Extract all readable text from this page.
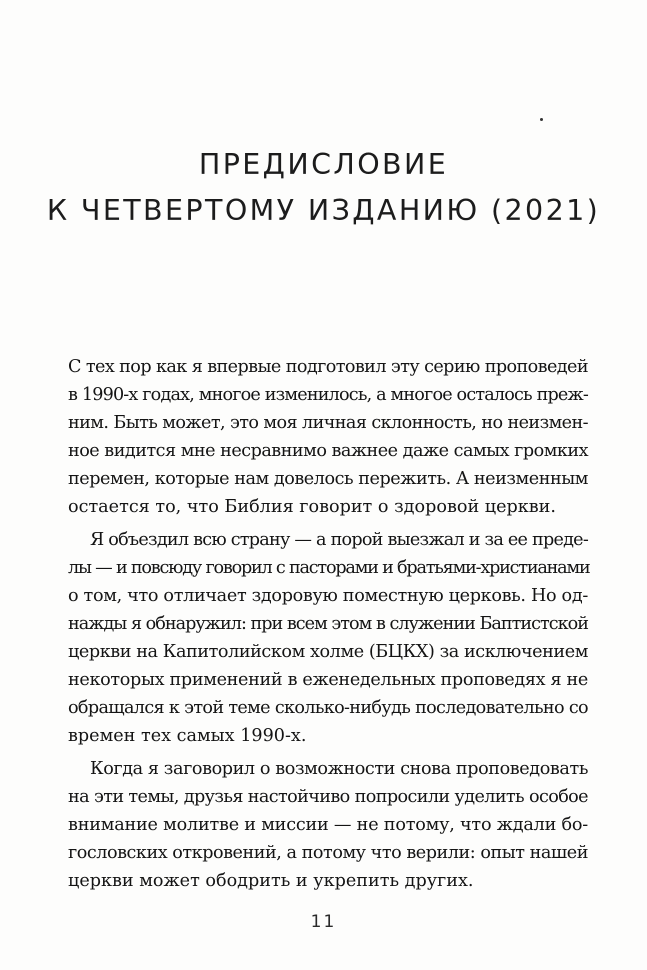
ПРЕДИСЛОВИЕ
К ЧЕТВЕРТОМУ ИЗДАНИЮ (2021)
С тех пор как я впервые подготовил эту серию проповедей
в 1990-х годах, многое изменилось, а многое осталось преж-
ним. Быть может, это моя личная склонность, но неизмен-
ное видится мне несравнимо важнее даже самых громких
перемен, которые нам довелось пережить. А неизменным
остается то, что Библия говорит о здоровой церкви.
Я объездил всю страну — а порой выезжал и за ее преде-
лы — и повсюду говорил с пасторами и братьями-христианами
о том, что отличает здоровую поместную церковь. Но од-
нажды я обнаружил: при всем этом в служении Баптистской
церкви на Капитолийском холме (БЦКХ) за исключением
некоторых применений в еженедельных проповедях я не
обращался к этой теме сколько-нибудь последовательно со
времен тех самых 1990-х.
Когда я заговорил о возможности снова проповедовать
на эти темы, друзья настойчиво попросили уделить особое
внимание молитве и миссии — не потому, что ждали бо-
гословских откровений, а потому что верили: опыт нашей
церкви может ободрить и укрепить других.
11
